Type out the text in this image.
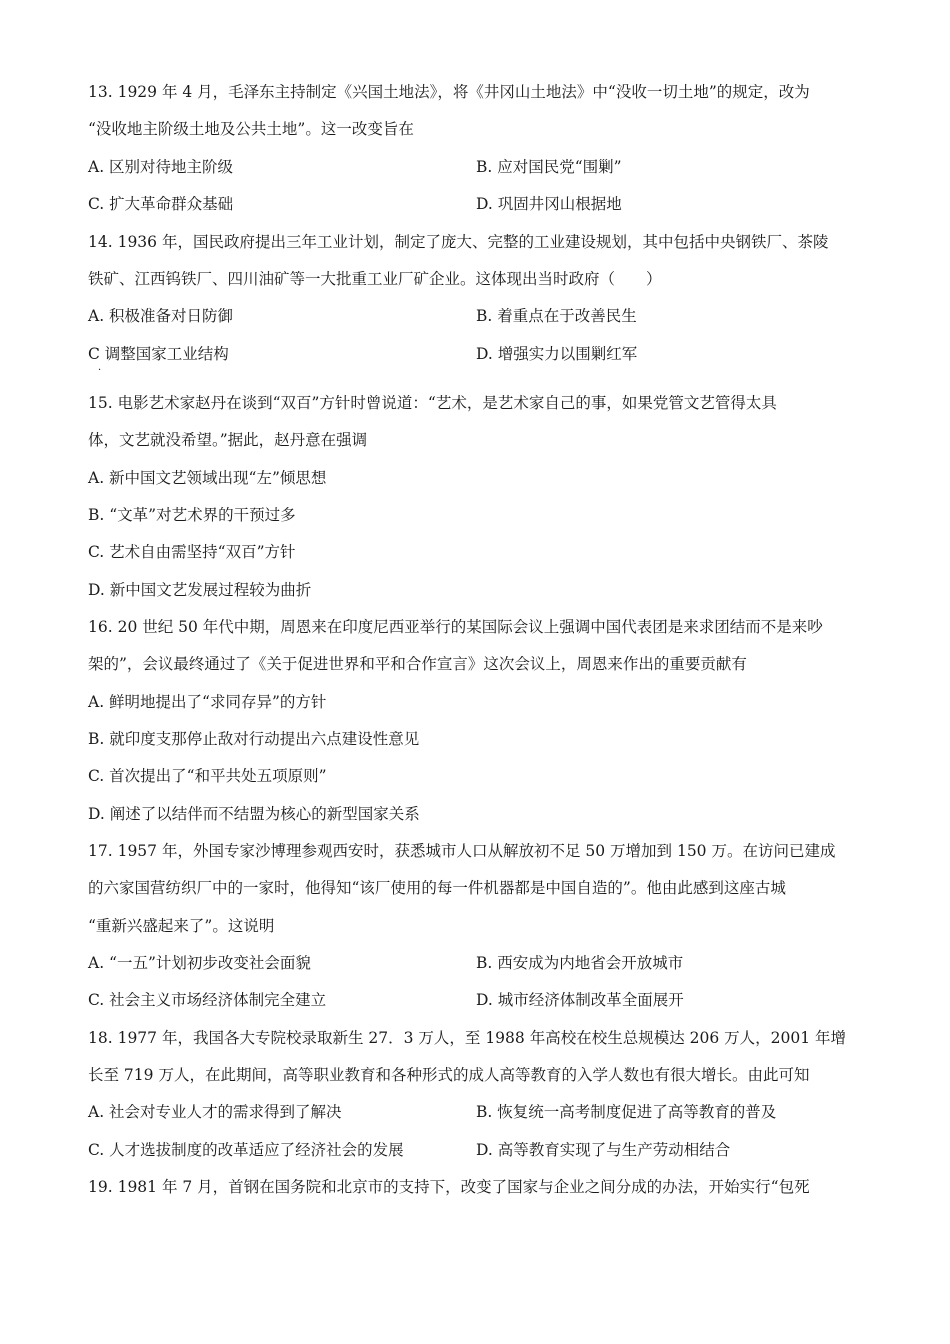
13. 1929 年 4 月，毛泽东主持制定《兴国土地法》，将《井冈山土地法》中“没收一切土地”的规定，改为
“没收地主阶级土地及公共土地”。这一改变旨在
A. 区别对待地主阶级	B. 应对国民党“围剿”
C. 扩大革命群众基础	D. 巩固井冈山根据地
14. 1936 年，国民政府提出三年工业计划，制定了庞大、完整的工业建设规划，其中包括中央钢铁厂、茶陵
铁矿、江西钨铁厂、四川油矿等一大批重工业厂矿企业。这体现出当时政府（　　）
A. 积极准备对日防御	B. 着重点在于改善民生
C 调整国家工业结构	D. 增强实力以围剿红军
·
15. 电影艺术家赵丹在谈到“双百”方针时曾说道：“艺术，是艺术家自己的事，如果党管文艺管得太具
体，文艺就没希望。”据此，赵丹意在强调
A. 新中国文艺领域出现“左”倾思想
B. “文革”对艺术界的干预过多
C. 艺术自由需坚持“双百”方针
D. 新中国文艺发展过程较为曲折
16. 20 世纪 50 年代中期，周恩来在印度尼西亚举行的某国际会议上强调中国代表团是来求团结而不是来吵
架的”，会议最终通过了《关于促进世界和平和合作宣言》这次会议上，周恩来作出的重要贡献有
A. 鲜明地提出了“求同存异”的方针
B. 就印度支那停止敌对行动提出六点建设性意见
C. 首次提出了“和平共处五项原则”
D. 阐述了以结伴而不结盟为核心的新型国家关系
17. 1957 年，外国专家沙博理参观西安时，获悉城市人口从解放初不足 50 万增加到 150 万。在访问已建成
的六家国营纺织厂中的一家时，他得知“该厂使用的每一件机器都是中国自造的”。他由此感到这座古城
“重新兴盛起来了”。这说明
A. “一五”计划初步改变社会面貌	B. 西安成为内地省会开放城市
C. 社会主义市场经济体制完全建立	D. 城市经济体制改革全面展开
18. 1977 年，我国各大专院校录取新生 27．3 万人，至 1988 年高校在校生总规模达 206 万人，2001 年增
长至 719 万人，在此期间，高等职业教育和各种形式的成人高等教育的入学人数也有很大增长。由此可知
A. 社会对专业人才的需求得到了解决	B. 恢复统一高考制度促进了高等教育的普及
C. 人才选拔制度的改革适应了经济社会的发展	D. 高等教育实现了与生产劳动相结合
19. 1981 年 7 月，首钢在国务院和北京市的支持下，改变了国家与企业之间分成的办法，开始实行“包死
